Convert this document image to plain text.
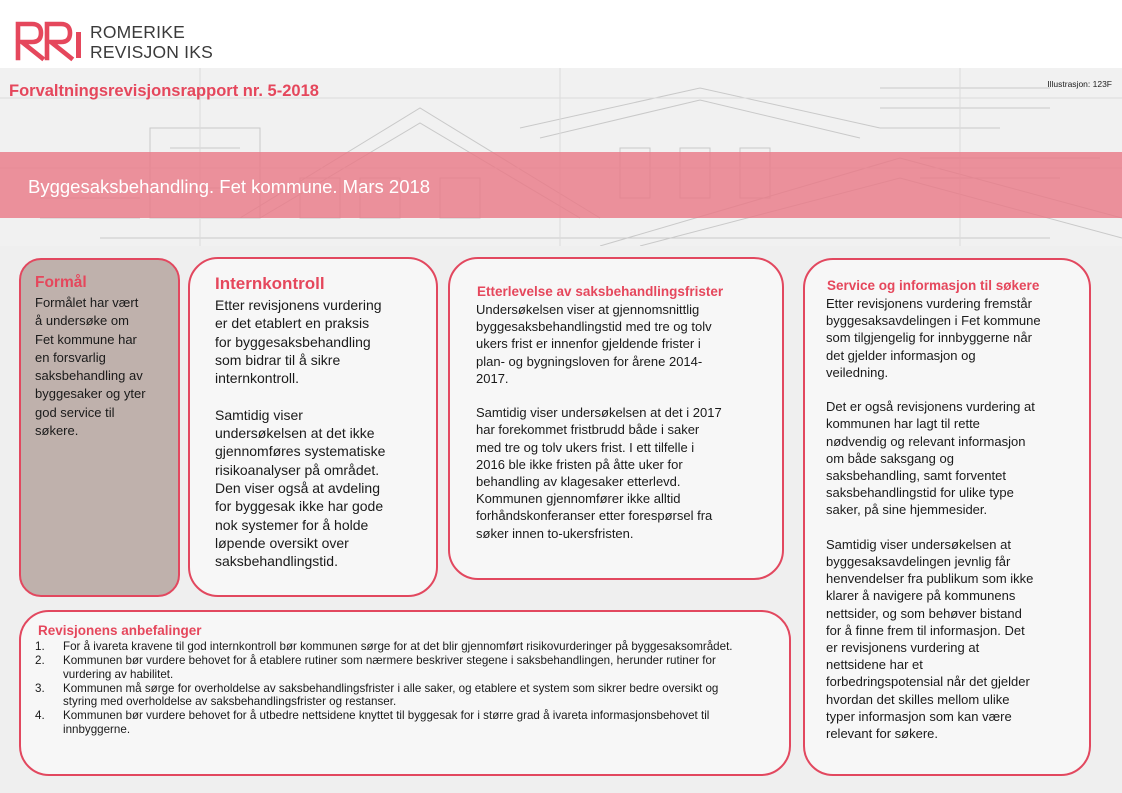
ROMERIKE
REVISJON IKS
Forvaltningsrevisjonsrapport nr. 5-2018	Illustrasjon: 123F
Byggesaksbehandling. Fet kommune. Mars 2018
Formål
Formålet har vært
å undersøke om
Fet kommune har
en forsvarlig
saksbehandling av
byggesaker og yter
god service til
søkere.
Internkontroll
Etter revisjonens vurdering
er det etablert en praksis
for byggesaksbehandling
som bidrar til å sikre
internkontroll.

Samtidig viser
undersøkelsen at det ikke
gjennomføres systematiske
risikoanalyser på området.
Den viser også at avdeling
for byggesak ikke har gode
nok systemer for å holde
løpende oversikt over
saksbehandlingstid.
Etterlevelse av saksbehandlingsfrister
Undersøkelsen viser at gjennomsnittlig
byggesaksbehandlingstid med tre og tolv
ukers frist er innenfor gjeldende frister i
plan- og bygningsloven for årene 2014-
2017.

Samtidig viser undersøkelsen at det i 2017
har forekommet fristbrudd både i saker
med tre og tolv ukers frist. I ett tilfelle i
2016 ble ikke fristen på åtte uker for
behandling av klagesaker etterlevd.
Kommunen gjennomfører ikke alltid
forhåndskonferanser etter forespørsel fra
søker innen to-ukersfristen.
Service og informasjon til søkere
Etter revisjonens vurdering fremstår
byggesaksavdelingen i Fet kommune
som tilgjengelig for innbyggerne når
det gjelder informasjon og
veiledning.

Det er også revisjonens vurdering at
kommunen har lagt til rette
nødvendig og relevant informasjon
om både saksgang og
saksbehandling, samt forventet
saksbehandlingstid for ulike type
saker, på sine hjemmesider.

Samtidig viser undersøkelsen at
byggesaksavdelingen jevnlig får
henvendelser fra publikum som ikke
klarer å navigere på kommunens
nettsider, og som behøver bistand
for å finne frem til informasjon. Det
er revisjonens vurdering at
nettsidene har et
forbedringspotensial når det gjelder
hvordan det skilles mellom ulike
typer informasjon som kan være
relevant for søkere.
Revisjonens anbefalinger
1.	For å ivareta kravene til god internkontroll bør kommunen sørge for at det blir gjennomført risikovurderinger på byggesaksområdet.
2.	Kommunen bør vurdere behovet for å etablere rutiner som nærmere beskriver stegene i saksbehandlingen, herunder rutiner for vurdering av habilitet.
3.	Kommunen må sørge for overholdelse av saksbehandlingsfrister i alle saker, og etablere et system som sikrer bedre oversikt og styring med overholdelse av saksbehandlingsfrister og restanser.
4.	Kommunen bør vurdere behovet for å utbedre nettsidene knyttet til byggesak for i større grad å ivareta informasjonsbehovet til innbyggerne.
